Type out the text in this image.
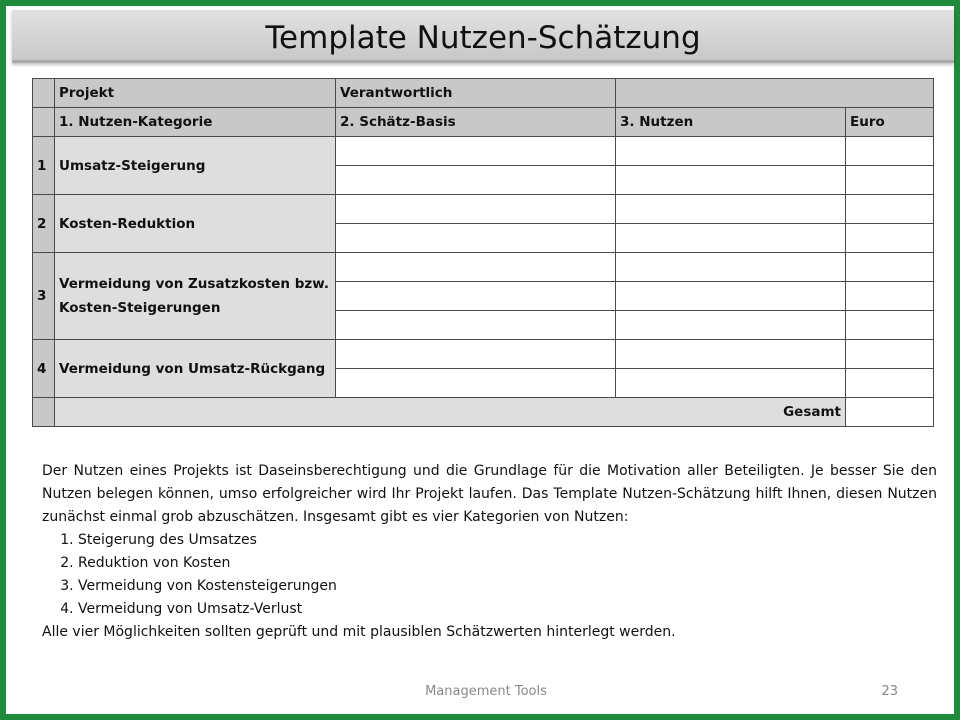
Template Nutzen-Schätzung
	Projekt	Verantwortlich		
	1. Nutzen-Kategorie	2. Schätz-Basis	3. Nutzen	Euro
1	Umsatz-Steigerung			

2	Kosten-Reduktion			

3	Vermeidung von Zusatzkosten bzw. Kosten-Steigerungen			

4	Vermeidung von Umsatz-Rückgang			

	Gesamt			

Der Nutzen eines Projekts ist Daseinsberechtigung und die Grundlage für die Motivation aller Beteiligten. Je besser Sie den Nutzen belegen können, umso erfolgreicher wird Ihr Projekt laufen. Das Template Nutzen-Schätzung hilft Ihnen, diesen Nutzen zunächst einmal grob abzuschätzen. Insgesamt gibt es vier Kategorien von Nutzen:

1. Steigerung des Umsatzes
2. Reduktion von Kosten
3. Vermeidung von Kostensteigerungen
4. Vermeidung von Umsatz-Verlust

Alle vier Möglichkeiten sollten geprüft und mit plausiblen Schätzwerten hinterlegt werden.

Management Tools	23
